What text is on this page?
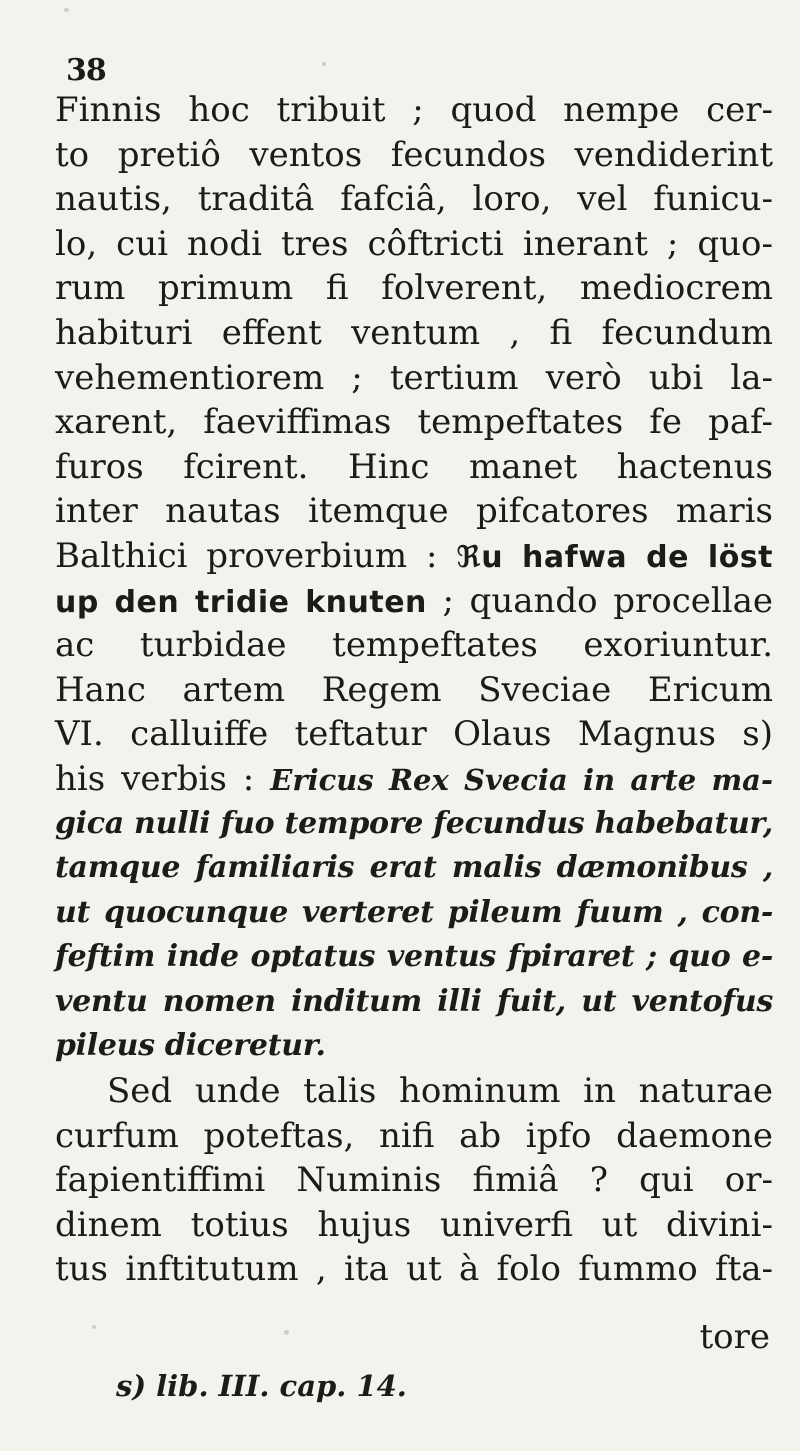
38
Finnis hoc tribuit ; quod nempe cer-
to pretiô ventos fecundos vendiderint
nautis, traditâ fafciâ, loro, vel funicu-
lo, cui nodi tres côftricti inerant ; quo-
rum primum fi folverent, mediocrem
habituri effent ventum , fi fecundum
vehementiorem ; tertium verò ubi la-
xarent, faeviffimas tempeftates fe paf-
furos fcirent. Hinc manet hactenus
inter nautas itemque pifcatores maris
Balthici proverbium : ℜu hafwa de löst
up den tridie knuten ; quando procellae
ac turbidae tempeftates exoriuntur.
Hanc artem Regem Sveciae Ericum
VI. calluiffe teftatur Olaus Magnus s)
his verbis : Ericus Rex Svecia in arte ma-
gica nulli fuo tempore fecundus habebatur,
tamque familiaris erat malis dæmonibus ,
ut quocunque verteret pileum fuum , con-
feftim inde optatus ventus fpiraret ; quo e-
ventu nomen inditum illi fuit, ut ventofus
pileus diceretur.
Sed unde talis hominum in naturae
curfum poteftas, nifi ab ipfo daemone
fapientiffimi Numinis fimiâ ? qui or-
dinem totius hujus univerfi ut divini-
tus inftitutum , ita ut à folo fummo fta-
tore
s) lib. III. cap. 14.
